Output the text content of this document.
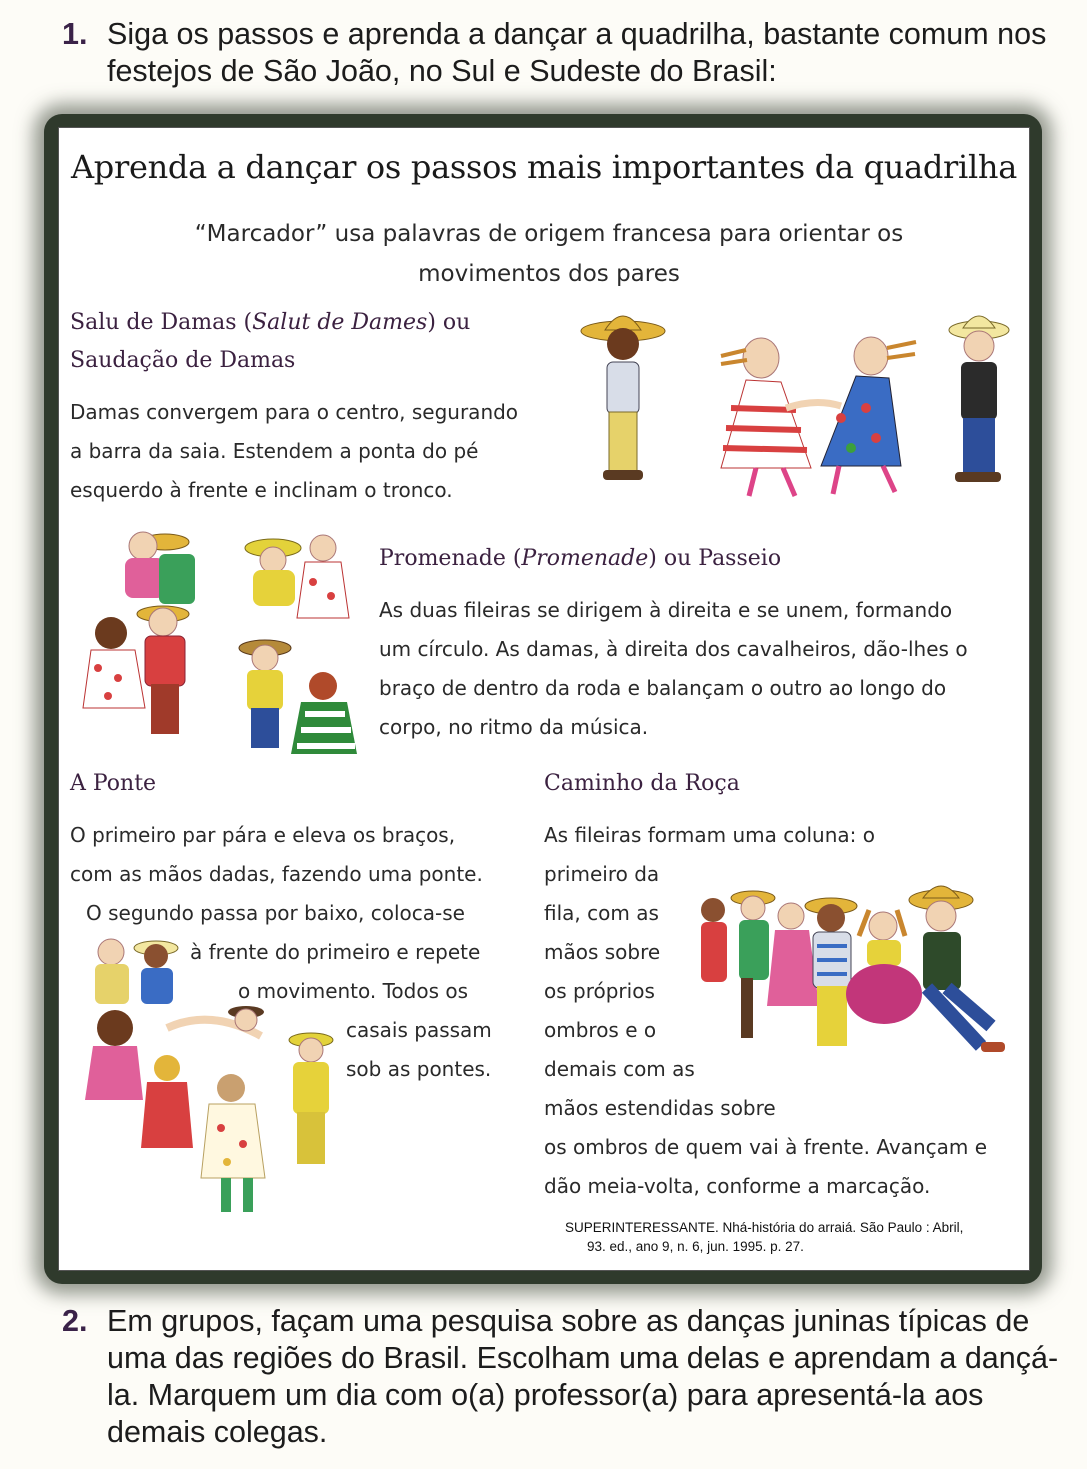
1. Siga os passos e aprenda a dançar a quadrilha, bastante comum nos festejos de São João, no Sul e Sudeste do Brasil:
Aprenda a dançar os passos mais importantes da quadrilha
“Marcador” usa palavras de origem francesa para orientar os
movimentos dos pares
Salu de Damas (Salut de Dames) ou
Saudação de Damas
Damas convergem para o centro, segurando
a barra da saia. Estendem a ponta do pé
esquerdo à frente e inclinam o tronco.
Promenade (Promenade) ou Passeio
As duas fileiras se dirigem à direita e se unem, formando
um círculo. As damas, à direita dos cavalheiros, dão-lhes o
braço de dentro da roda e balançam o outro ao longo do
corpo, no ritmo da música.
A Ponte
O primeiro par pára e eleva os braços,
com as mãos dadas, fazendo uma ponte.
O segundo passa por baixo, coloca-se
à frente do primeiro e repete
o movimento. Todos os
casais passam
sob as pontes.
Caminho da Roça
As fileiras formam uma coluna: o
primeiro da
fila, com as
mãos sobre
os próprios
ombros e o
demais com as
mãos estendidas sobre
os ombros de quem vai à frente. Avançam e
dão meia-volta, conforme a marcação.
SUPERINTERESSANTE. Nhá-história do arraiá. São Paulo : Abril,
93. ed., ano 9, n. 6, jun. 1995. p. 27.
2. Em grupos, façam uma pesquisa sobre as danças juninas típicas de uma das regiões do Brasil. Escolham uma delas e aprendam a dançá-la. Marquem um dia com o(a) professor(a) para apresentá-la aos demais colegas.
